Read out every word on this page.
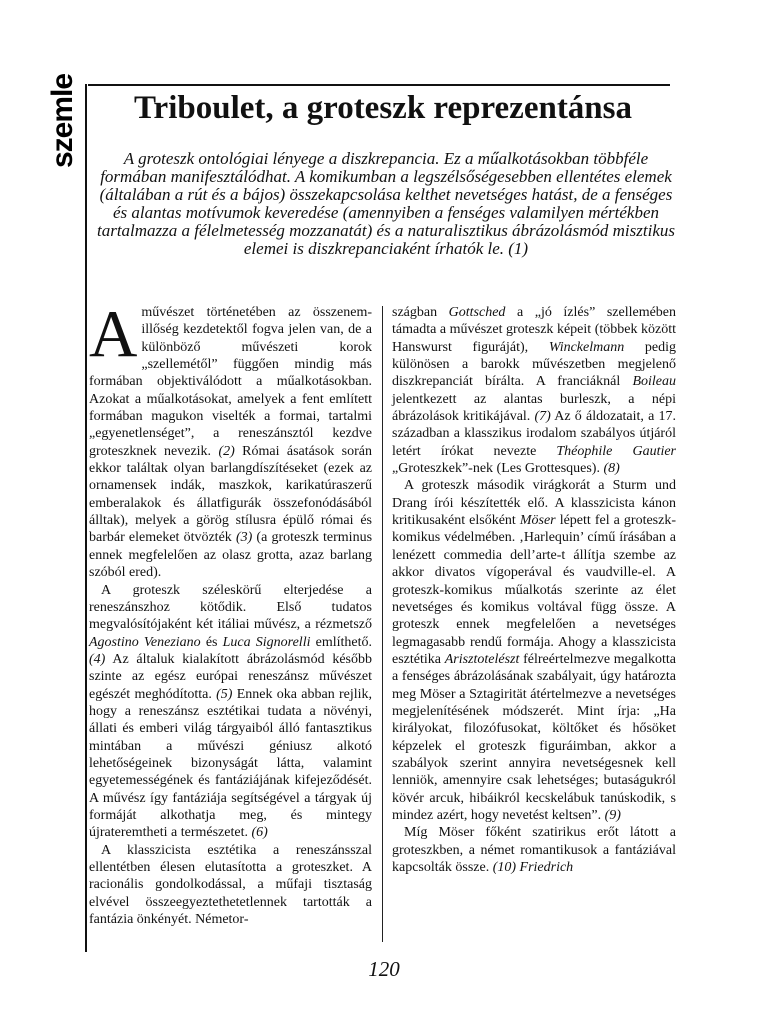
szemle	Triboulet, a groteszk reprezentánsa

A groteszk ontológiai lényege a diszkrepancia. Ez a műalkotásokban többféle formában manifesztálódhat. A komikumban a legszélsőségesebben ellentétes elemek (általában a rút és a bájos) összekapcsolása kelthet nevetséges hatást, de a fenséges és alantas motívumok keveredése (amennyiben a fenséges valamilyen mértékben tartalmazza a félelmetesség mozzanatát) és a naturalisztikus ábrázolásmód misztikus elemei is diszkrepanciaként írhatók le. (1)

Aművészet történetében az összenem-illőség kezdetektől fogva jelen van, de a különböző művészeti korok „szellemétől” függően mindig más formában objektiválódott a műalkotásokban. Azokat a műalkotásokat, amelyek a fent említett formában magukon viselték a formai, tartalmi „egyenetlenséget”, a reneszánsztól kezdve groteszknek nevezik. (2) Római ásatások során ekkor találtak olyan barlangdíszítéseket (ezek az ornamensek indák, maszkok, karikatúraszerű emberalakok és állatfigurák összefonódásából álltak), melyek a görög stílusra épülő római és barbár elemeket ötvözték (3) (a groteszk terminus ennek megfelelően az olasz grotta, azaz barlang szóból ered).

A groteszk széleskörű elterjedése a reneszánszhoz kötődik. Első tudatos megvalósítójaként két itáliai művész, a rézmetsző Agostino Veneziano és Luca Signorelli említhető. (4) Az általuk kialakított ábrázolásmód később szinte az egész európai reneszánsz művészet egészét meghódította. (5) Ennek oka abban rejlik, hogy a reneszánsz esztétikai tudata a növényi, állati és emberi világ tárgyaiból álló fantasztikus mintában a művészi géniusz alkotó lehetőségeinek bizonyságát látta, valamint egyetemességének és fantáziájának kifejeződését. A művész így fantáziája segítségével a tárgyak új formáját alkothatja meg, és mintegy újrateremtheti a természetet. (6)

A klasszicista esztétika a reneszánsszal ellentétben élesen elutasította a groteszket. A racionális gondolkodással, a műfaji tisztaság elvével összeegyeztethetetlennek tartották a fantázia önkényét. Németor-

szágban Gottsched a „jó ízlés” szellemében támadta a művészet groteszk képeit (többek között Hanswurst figuráját), Winckelmann pedig különösen a barokk művészetben megjelenő diszkrepanciát bírálta. A franciáknál Boileau jelentkezett az alantas burleszk, a népi ábrázolások kritikájával. (7) Az ő áldozatait, a 17. században a klasszikus irodalom szabályos útjáról letért írókat nevezte Théophile Gautier „Groteszkek”-nek (Les Grottesques). (8)

A groteszk második virágkorát a Sturm und Drang írói készítették elő. A klasszicista kánon kritikusaként elsőként Möser lépett fel a groteszk-komikus védelmében. ‚Harlequin’ című írásában a lenézett commedia dell’arte-t állítja szembe az akkor divatos vígoperával és vaudville-el. A groteszk-komikus műalkotás szerinte az élet nevetséges és komikus voltával függ össze. A groteszk ennek megfelelően a nevetséges legmagasabb rendű formája. Ahogy a klasszicista esztétika Arisztotelészt félreértelmezve megalkotta a fenséges ábrázolásának szabályait, úgy határozta meg Möser a Sztagirität átértelmezve a nevetséges megjelenítésének módszerét. Mint írja: „Ha királyokat, filozófusokat, költőket és hősöket képzelek el groteszk figuráimban, akkor a szabályok szerint annyira nevetségesnek kell lenniök, amennyire csak lehetséges; butaságukról kövér arcuk, hibáikról kecskelábuk tanúskodik, s mindez azért, hogy nevetést keltsen”. (9)

Míg Möser főként szatirikus erőt látott a groteszkben, a német romantikusok a fantáziával kapcsolták össze. (10) Friedrich

120
